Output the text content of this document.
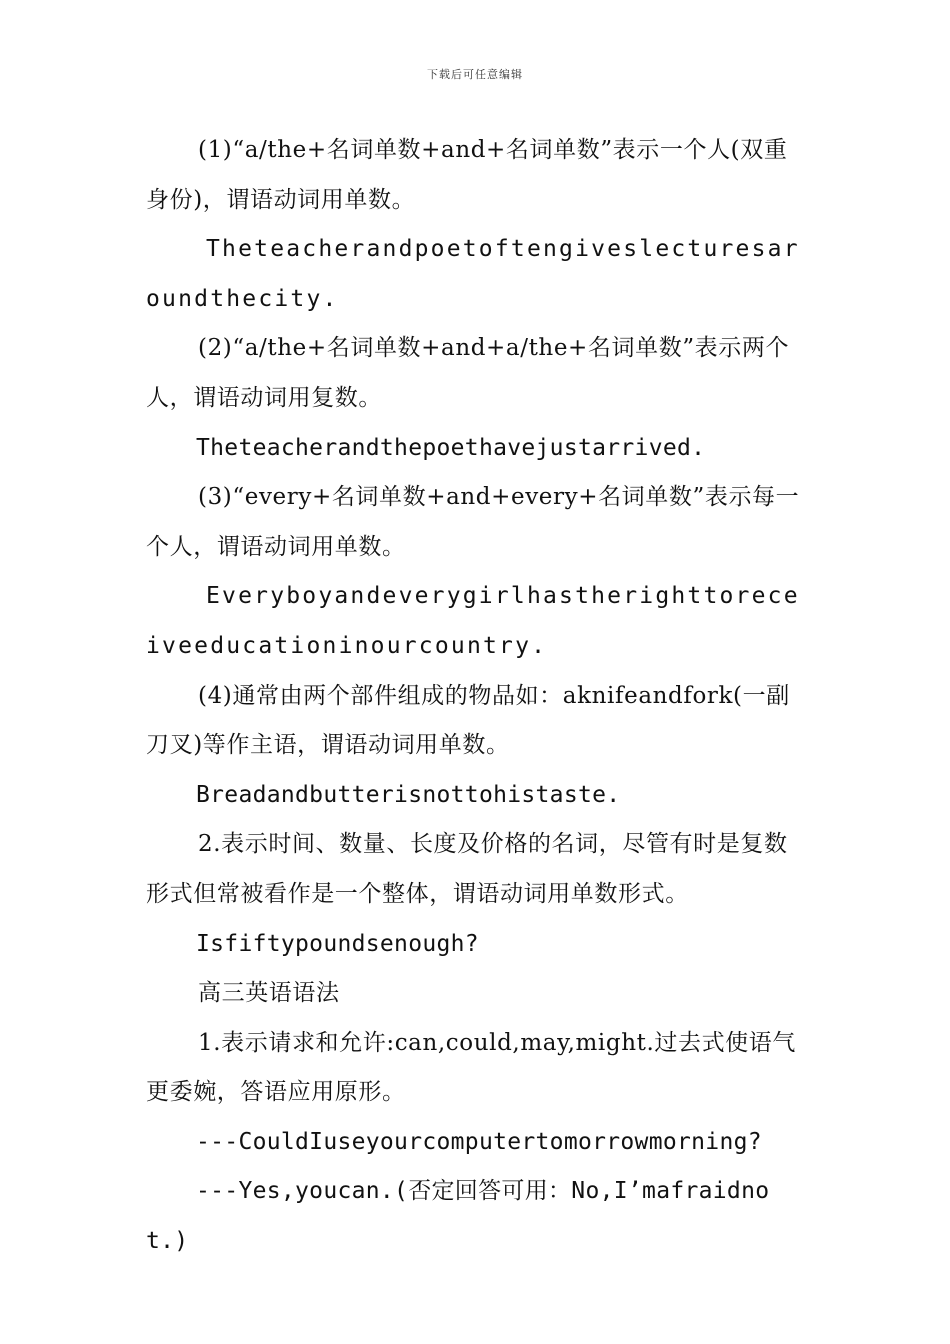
下载后可任意编辑

(1)“a/the+名词单数+and+名词单数”表示一个人(双重身份)，谓语动词用单数。

Theteacherandpoetoftengiveslecturesaroundthecity.

(2)“a/the+名词单数+and+a/the+名词单数”表示两个人，谓语动词用复数。

Theteacherandthepoethavejustarrived.

(3)“every+名词单数+and+every+名词单数”表示每一个人，谓语动词用单数。

Everyboyandeverygirlhastherighttoreceiveeducationinourcountry.

(4)通常由两个部件组成的物品如：aknifeandfork(一副刀叉)等作主语，谓语动词用单数。

Breadandbutterisnottohistaste.

2.表示时间、数量、长度及价格的名词，尽管有时是复数形式但常被看作是一个整体，谓语动词用单数形式。

Isfiftypoundsenough?

高三英语语法

1.表示请求和允许:can,could,may,might.过去式使语气更委婉，答语应用原形。

---CouldIuseyourcomputertomorrowmorning?

---Yes,youcan.(否定回答可用：No,I’mafraidnot.)
